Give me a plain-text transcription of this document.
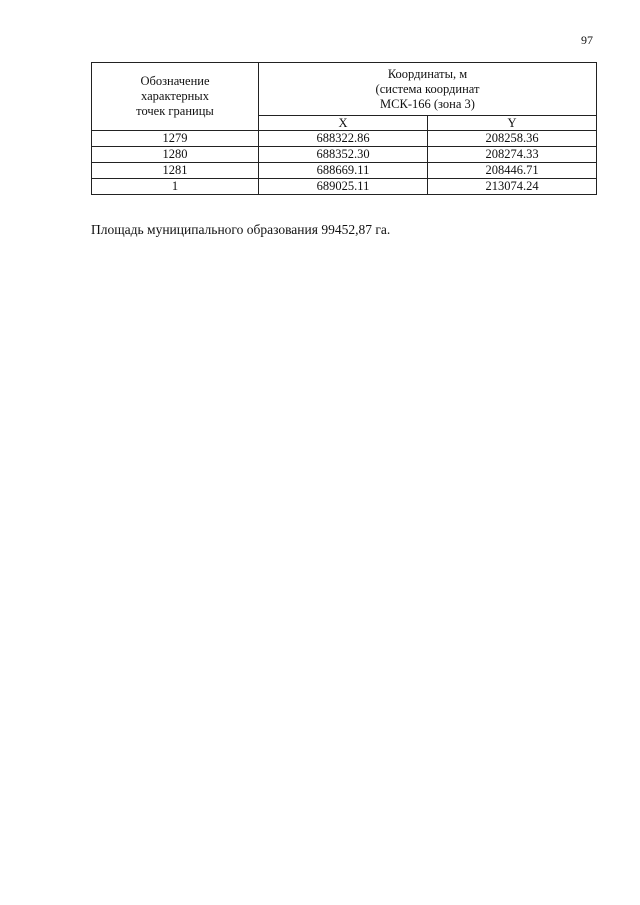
97
Обозначение
характерных
точек границы	Координаты, м
(система координат
МСК-166 (зона 3)	
	X	Y
1279	688322.86	208258.36
1280	688352.30	208274.33
1281	688669.11	208446.71
1	689025.11	213074.24
Площадь муниципального образования 99452,87 га.
